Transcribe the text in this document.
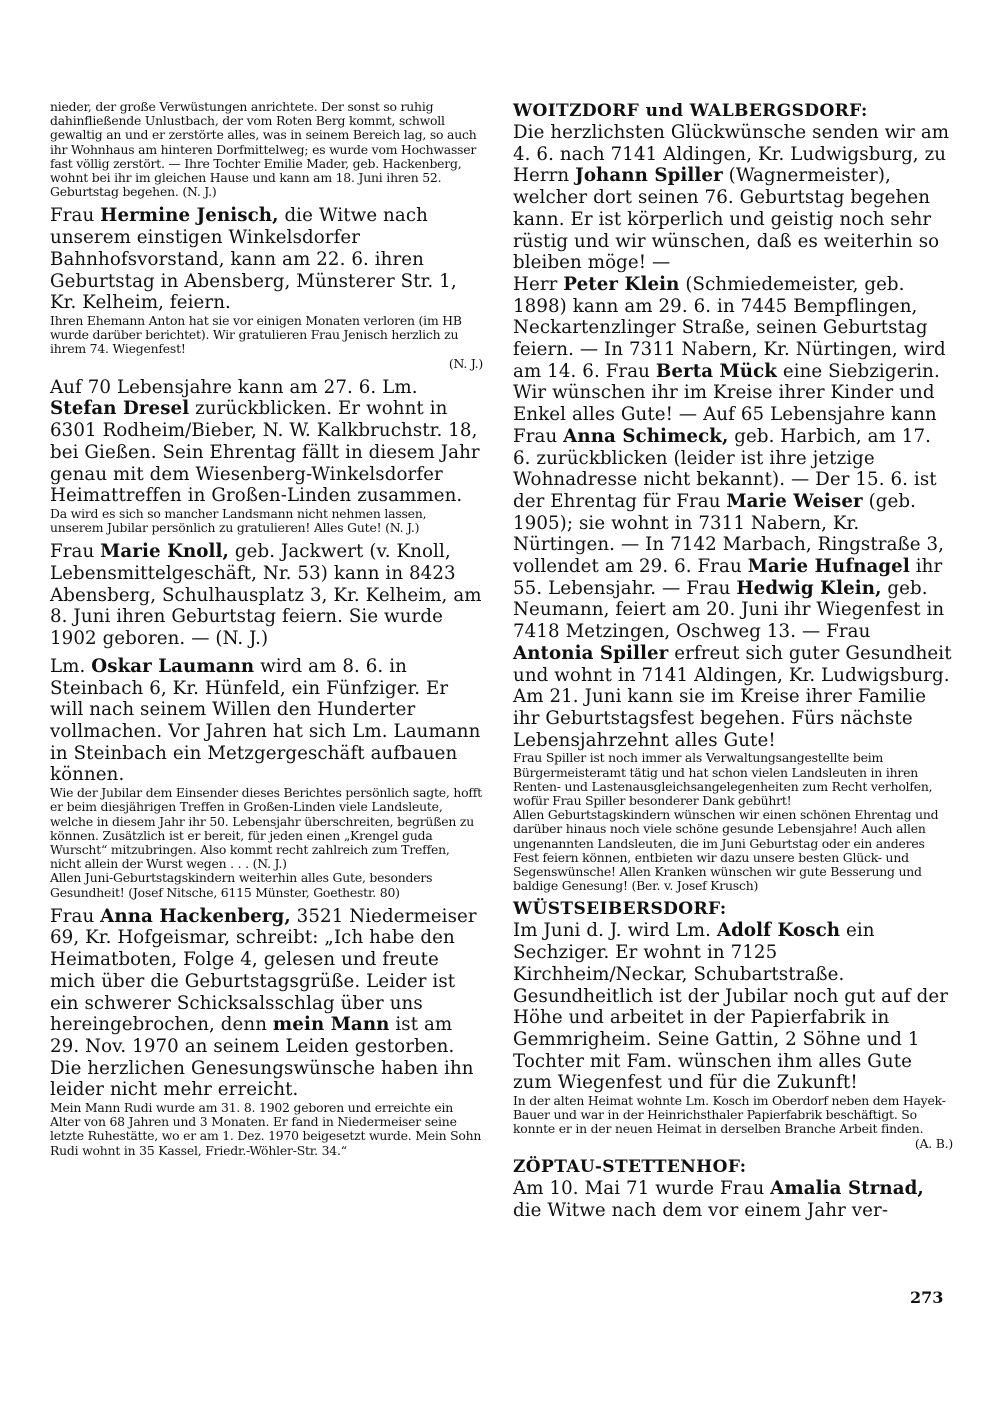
nieder, der große Verwüstungen anrichtete. Der sonst so ruhig dahinfließende Unlustbach, der vom Roten Berg kommt, schwoll gewaltig an und er zerstörte alles, was in seinem Bereich lag, so auch ihr Wohnhaus am hinteren Dorfmittelweg; es wurde vom Hochwasser fast völlig zerstört. — Ihre Tochter Emilie Mader, geb. Hackenberg, wohnt bei ihr im gleichen Hause und kann am 18. Juni ihren 52. Geburtstag begehen. (N. J.)

Frau Hermine Jenisch, die Witwe nach unserem einstigen Winkelsdorfer Bahnhofsvorstand, kann am 22. 6. ihren Geburtstag in Abensberg, Münsterer Str. 1, Kr. Kelheim, feiern.

Ihren Ehemann Anton hat sie vor einigen Monaten verloren (im HB wurde darüber berichtet). Wir gratulieren Frau Jenisch herzlich zu ihrem 74. Wiegenfest!

(N. J.)

Auf 70 Lebensjahre kann am 27. 6. Lm. Stefan Dresel zurückblicken. Er wohnt in 6301 Rodheim/Bieber, N. W. Kalkbruchstr. 18, bei Gießen. Sein Ehrentag fällt in diesem Jahr genau mit dem Wiesenberg-Winkelsdorfer Heimattreffen in Großen-Linden zusammen.

Da wird es sich so mancher Landsmann nicht nehmen lassen, unserem Jubilar persönlich zu gratulieren! Alles Gute! (N. J.)

Frau Marie Knoll, geb. Jackwert (v. Knoll, Lebensmittelgeschäft, Nr. 53) kann in 8423 Abensberg, Schulhausplatz 3, Kr. Kelheim, am 8. Juni ihren Geburtstag feiern. Sie wurde 1902 geboren. — (N. J.)

Lm. Oskar Laumann wird am 8. 6. in Steinbach 6, Kr. Hünfeld, ein Fünfziger. Er will nach seinem Willen den Hunderter vollmachen. Vor Jahren hat sich Lm. Laumann in Steinbach ein Metzgergeschäft aufbauen können.

Wie der Jubilar dem Einsender dieses Berichtes persönlich sagte, hofft er beim diesjährigen Treffen in Großen-Linden viele Landsleute, welche in diesem Jahr ihr 50. Lebensjahr überschreiten, begrüßen zu können. Zusätzlich ist er bereit, für jeden einen „Krengel guda Wurscht“ mitzubringen. Also kommt recht zahlreich zum Treffen, nicht allein der Wurst wegen . . . (N. J.)

Allen Juni-Geburtstagskindern weiterhin alles Gute, besonders Gesundheit! (Josef Nitsche, 6115 Münster, Goethestr. 80)

Frau Anna Hackenberg, 3521 Niedermeiser 69, Kr. Hofgeismar, schreibt: „Ich habe den Heimatboten, Folge 4, gelesen und freute mich über die Geburtstagsgrüße. Leider ist ein schwerer Schicksalsschlag über uns hereingebrochen, denn mein Mann ist am 29. Nov. 1970 an seinem Leiden gestorben. Die herzlichen Genesungswünsche haben ihn leider nicht mehr erreicht.

Mein Mann Rudi wurde am 31. 8. 1902 geboren und erreichte ein Alter von 68 Jahren und 3 Monaten. Er fand in Niedermeiser seine letzte Ruhestätte, wo er am 1. Dez. 1970 beigesetzt wurde. Mein Sohn Rudi wohnt in 35 Kassel, Friedr.-Wöhler-Str. 34.“

WOITZDORF und WALBERGSDORF:

Die herzlichsten Glückwünsche senden wir am 4. 6. nach 7141 Aldingen, Kr. Ludwigsburg, zu Herrn Johann Spiller (Wagnermeister), welcher dort seinen 76. Geburtstag begehen kann. Er ist körperlich und geistig noch sehr rüstig und wir wünschen, daß es weiterhin so bleiben möge! —

Herr Peter Klein (Schmiedemeister, geb. 1898) kann am 29. 6. in 7445 Bempflingen, Neckartenzlinger Straße, seinen Geburtstag feiern. — In 7311 Nabern, Kr. Nürtingen, wird am 14. 6. Frau Berta Mück eine Siebzigerin. Wir wünschen ihr im Kreise ihrer Kinder und Enkel alles Gute! — Auf 65 Lebensjahre kann Frau Anna Schimeck, geb. Harbich, am 17. 6. zurückblicken (leider ist ihre jetzige Wohnadresse nicht bekannt). — Der 15. 6. ist der Ehrentag für Frau Marie Weiser (geb. 1905); sie wohnt in 7311 Nabern, Kr. Nürtingen. — In 7142 Marbach, Ringstraße 3, vollendet am 29. 6. Frau Marie Hufnagel ihr 55. Lebensjahr. — Frau Hedwig Klein, geb. Neumann, feiert am 20. Juni ihr Wiegenfest in 7418 Metzingen, Oschweg 13. — Frau Antonia Spiller erfreut sich guter Gesundheit und wohnt in 7141 Aldingen, Kr. Ludwigsburg. Am 21. Juni kann sie im Kreise ihrer Familie ihr Geburtstagsfest begehen. Fürs nächste Lebensjahrzehnt alles Gute!

Frau Spiller ist noch immer als Verwaltungsangestellte beim Bürgermeisteramt tätig und hat schon vielen Landsleuten in ihren Renten- und Lastenausgleichsangelegenheiten zum Recht verholfen, wofür Frau Spiller besonderer Dank gebührt!

Allen Geburtstagskindern wünschen wir einen schönen Ehrentag und darüber hinaus noch viele schöne gesunde Lebensjahre! Auch allen ungenannten Landsleuten, die im Juni Geburtstag oder ein anderes Fest feiern können, entbieten wir dazu unsere besten Glück- und Segenswünsche! Allen Kranken wünschen wir gute Besserung und baldige Genesung! (Ber. v. Josef Krusch)

WÜSTSEIBERSDORF:

Im Juni d. J. wird Lm. Adolf Kosch ein Sechziger. Er wohnt in 7125 Kirchheim/Neckar, Schubartstraße. Gesundheitlich ist der Jubilar noch gut auf der Höhe und arbeitet in der Papierfabrik in Gemmrigheim. Seine Gattin, 2 Söhne und 1 Tochter mit Fam. wünschen ihm alles Gute zum Wiegenfest und für die Zukunft!

In der alten Heimat wohnte Lm. Kosch im Oberdorf neben dem Hayek-Bauer und war in der Heinrichsthaler Papierfabrik beschäftigt. So konnte er in der neuen Heimat in derselben Branche Arbeit finden.

(A. B.)

ZÖPTAU-STETTENHOF:

Am 10. Mai 71 wurde Frau Amalia Strnad, die Witwe nach dem vor einem Jahr ver-

273
